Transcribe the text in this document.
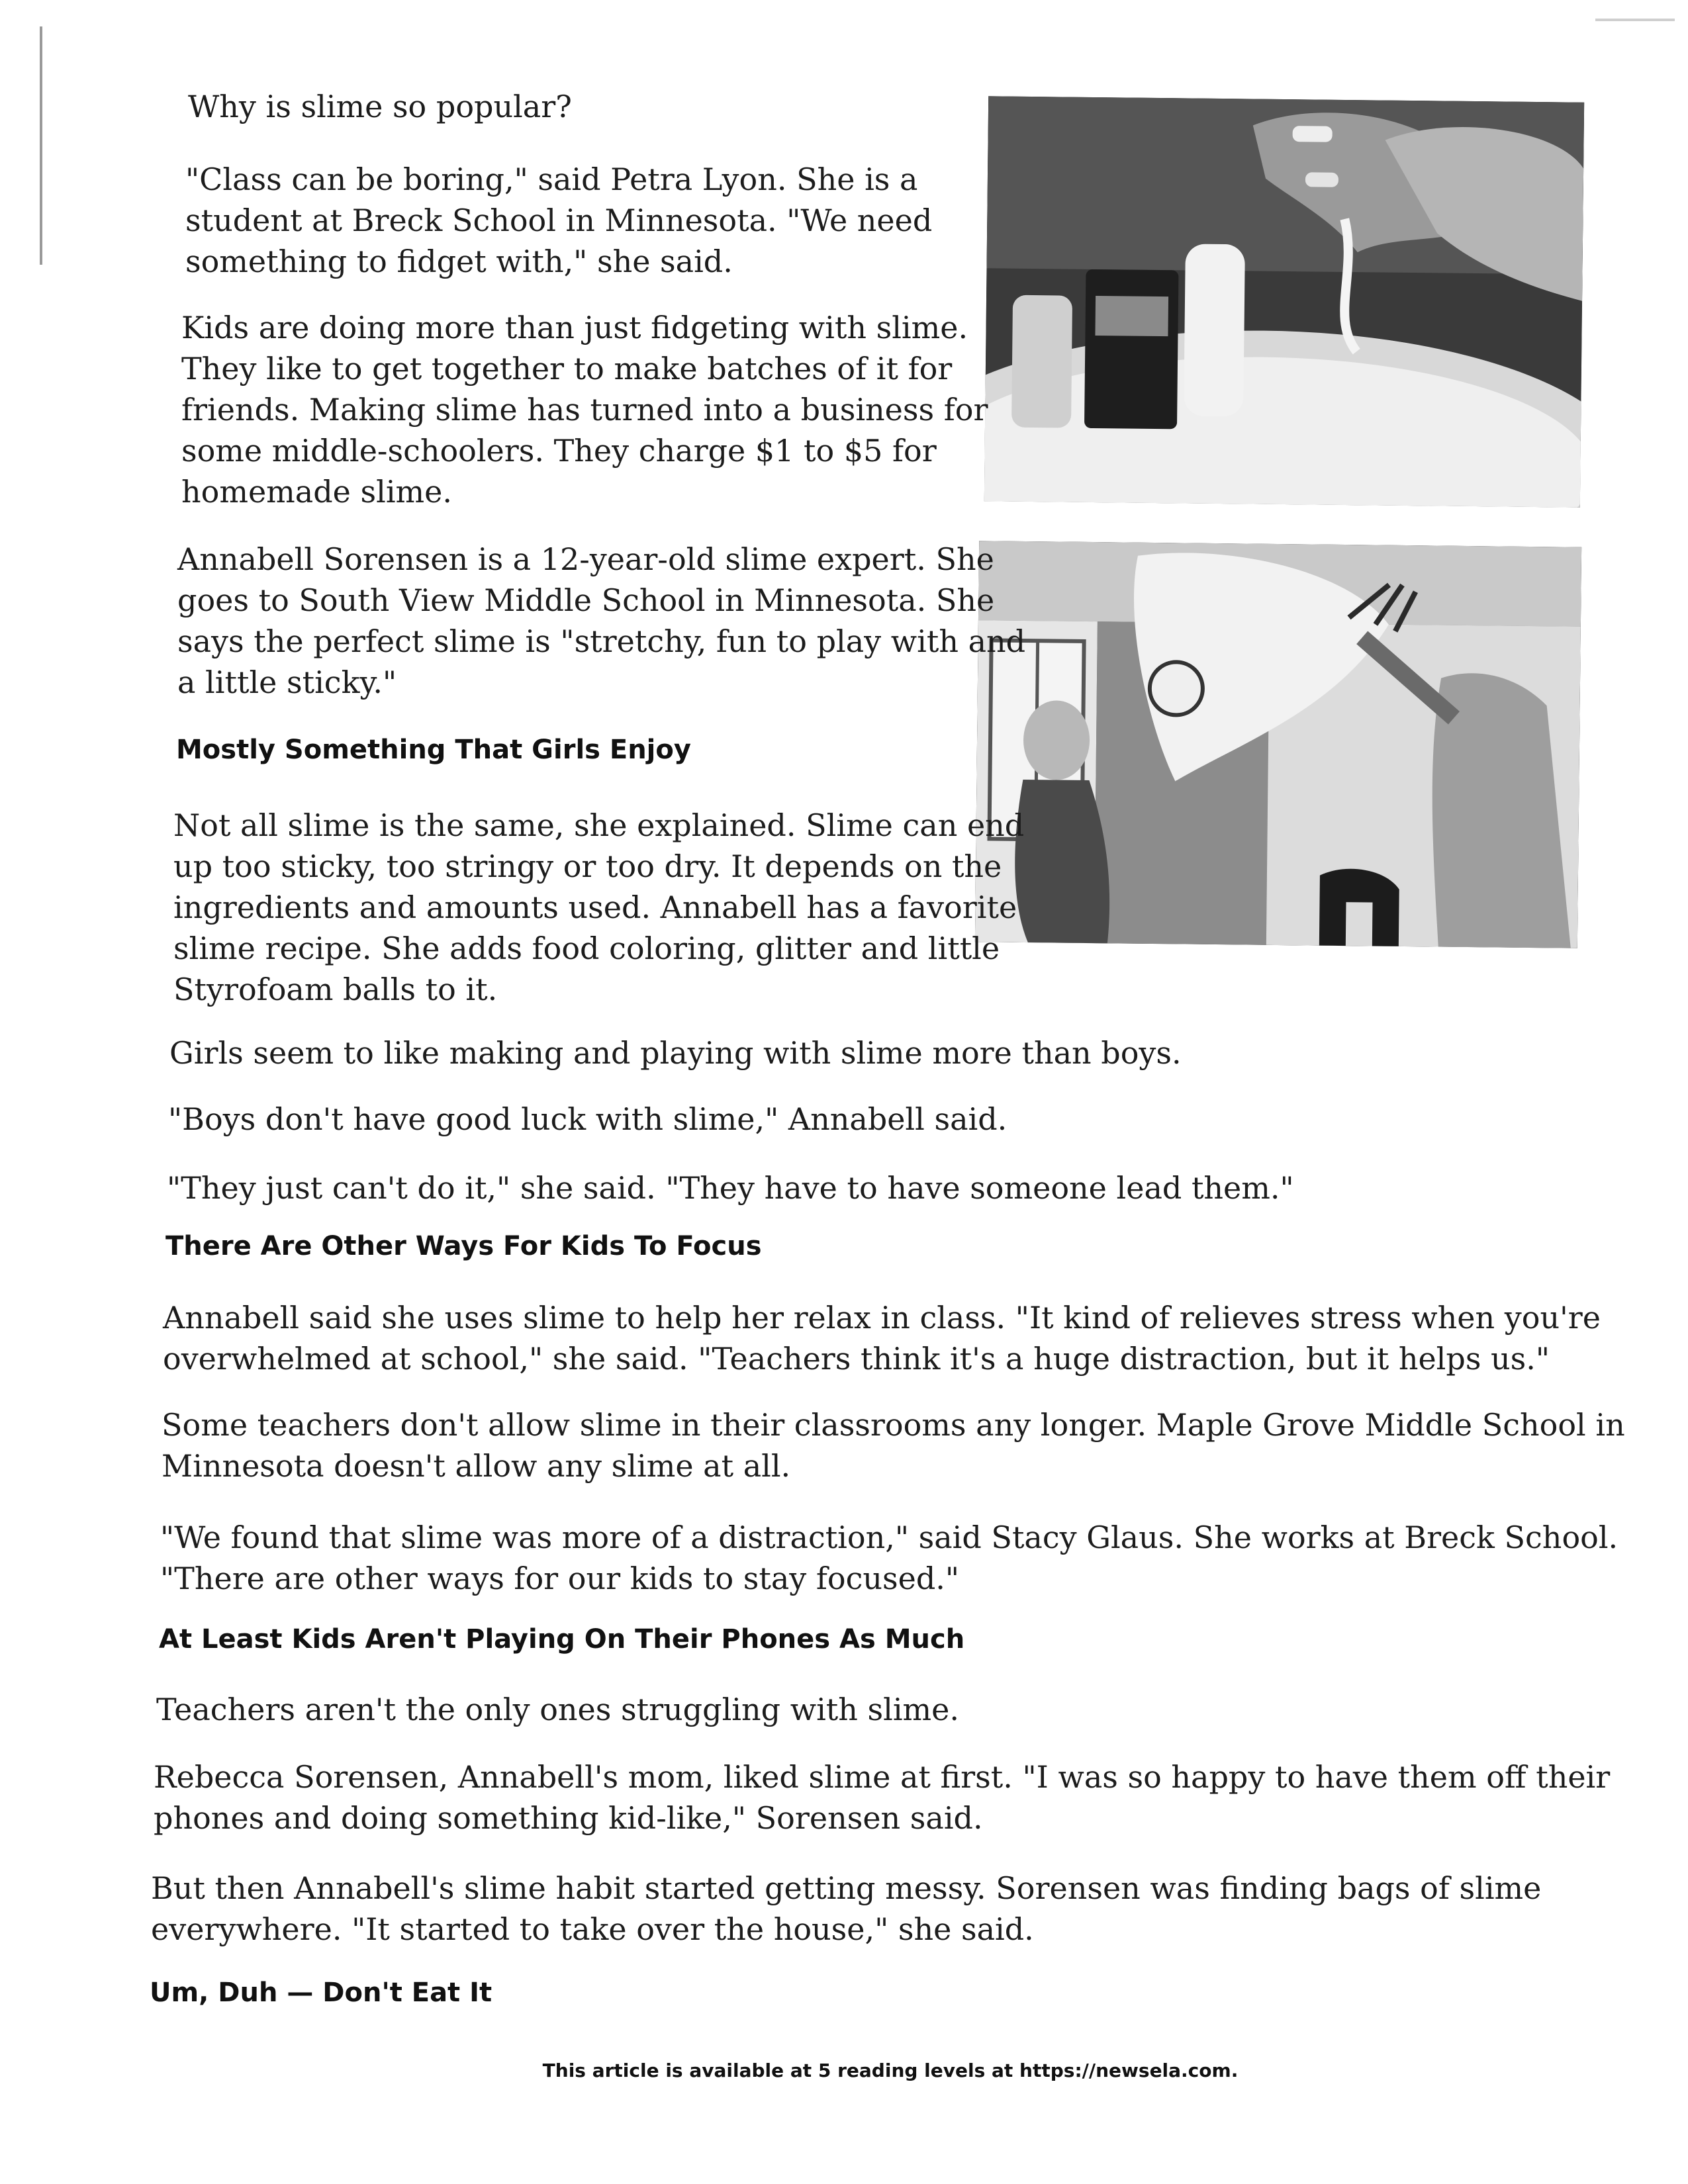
Why is slime so popular?

"Class can be boring," said Petra Lyon. She is a
student at Breck School in Minnesota. "We need
something to fidget with," she said.

Kids are doing more than just fidgeting with slime.
They like to get together to make batches of it for
friends. Making slime has turned into a business for
some middle-schoolers. They charge $1 to $5 for
homemade slime.

Annabell Sorensen is a 12-year-old slime expert. She
goes to South View Middle School in Minnesota. She
says the perfect slime is "stretchy, fun to play with and
a little sticky."

Mostly Something That Girls Enjoy

Not all slime is the same, she explained. Slime can end
up too sticky, too stringy or too dry. It depends on the
ingredients and amounts used. Annabell has a favorite
slime recipe. She adds food coloring, glitter and little
Styrofoam balls to it.

Girls seem to like making and playing with slime more than boys.

"Boys don't have good luck with slime," Annabell said.

"They just can't do it," she said. "They have to have someone lead them."

There Are Other Ways For Kids To Focus

Annabell said she uses slime to help her relax in class. "It kind of relieves stress when you're
overwhelmed at school," she said. "Teachers think it's a huge distraction, but it helps us."

Some teachers don't allow slime in their classrooms any longer. Maple Grove Middle School in
Minnesota doesn't allow any slime at all.

"We found that slime was more of a distraction," said Stacy Glaus. She works at Breck School.
"There are other ways for our kids to stay focused."

At Least Kids Aren't Playing On Their Phones As Much

Teachers aren't the only ones struggling with slime.

Rebecca Sorensen, Annabell's mom, liked slime at first. "I was so happy to have them off their
phones and doing something kid-like," Sorensen said.

But then Annabell's slime habit started getting messy. Sorensen was finding bags of slime
everywhere. "It started to take over the house," she said.

Um, Duh — Don't Eat It
This article is available at 5 reading levels at https://newsela.com.
